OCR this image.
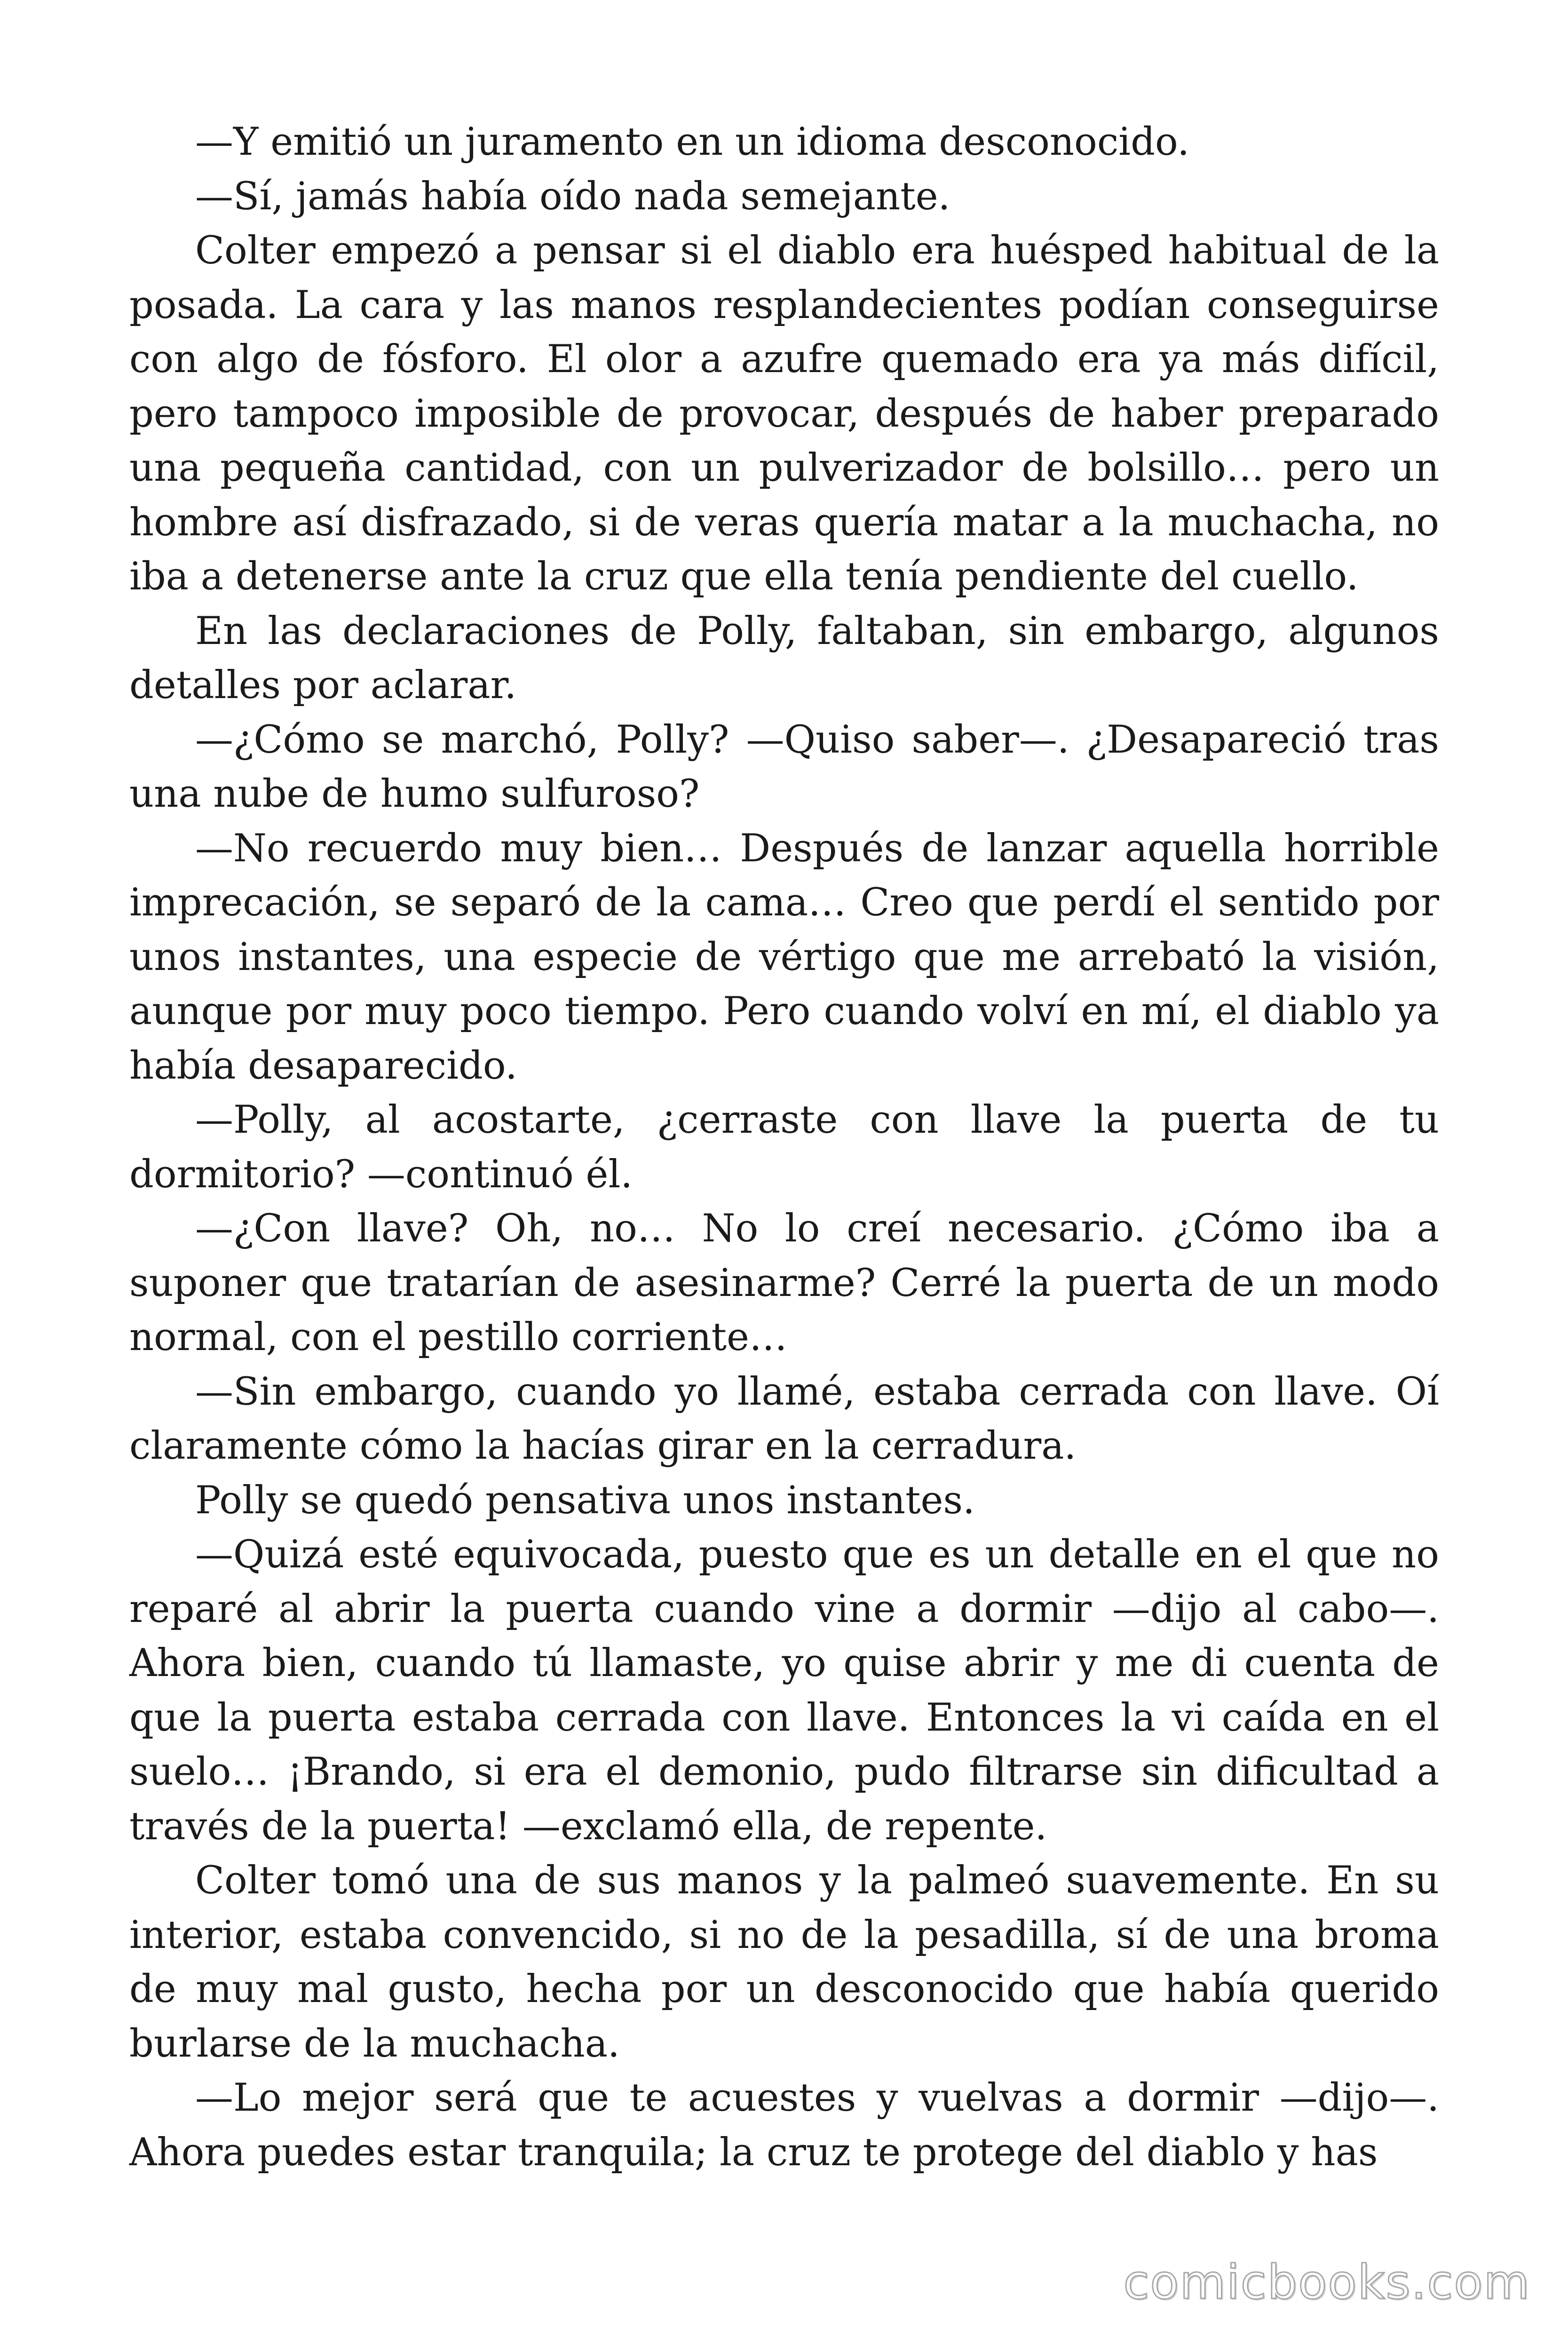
—Y emitió un juramento en un idioma desconocido.

—Sí, jamás había oído nada semejante.

Colter empezó a pensar si el diablo era huésped habitual de la posada. La cara y las manos resplandecientes podían conseguirse con algo de fósforo. El olor a azufre quemado era ya más difícil, pero tampoco imposible de provocar, después de haber preparado una pequeña cantidad, con un pulverizador de bolsillo… pero un hombre así disfrazado, si de veras quería matar a la muchacha, no iba a detenerse ante la cruz que ella tenía pendiente del cuello.

En las declaraciones de Polly, faltaban, sin embargo, algunos detalles por aclarar.

—¿Cómo se marchó, Polly? —Quiso saber—. ¿Desapareció tras una nube de humo sulfuroso?

—No recuerdo muy bien… Después de lanzar aquella horrible imprecación, se separó de la cama… Creo que perdí el sentido por unos instantes, una especie de vértigo que me arrebató la visión, aunque por muy poco tiempo. Pero cuando volví en mí, el diablo ya había desaparecido.

—Polly, al acostarte, ¿cerraste con llave la puerta de tu dormitorio? —continuó él.

—¿Con llave? Oh, no… No lo creí necesario. ¿Cómo iba a suponer que tratarían de asesinarme? Cerré la puerta de un modo normal, con el pestillo corriente…

—Sin embargo, cuando yo llamé, estaba cerrada con llave. Oí claramente cómo la hacías girar en la cerradura.

Polly se quedó pensativa unos instantes.

—Quizá esté equivocada, puesto que es un detalle en el que no reparé al abrir la puerta cuando vine a dormir —dijo al cabo—. Ahora bien, cuando tú llamaste, yo quise abrir y me di cuenta de que la puerta estaba cerrada con llave. Entonces la vi caída en el suelo… ¡Brando, si era el demonio, pudo filtrarse sin dificultad a través de la puerta! —exclamó ella, de repente.

Colter tomó una de sus manos y la palmeó suavemente. En su interior, estaba convencido, si no de la pesadilla, sí de una broma de muy mal gusto, hecha por un desconocido que había querido burlarse de la muchacha.

—Lo mejor será que te acuestes y vuelvas a dormir —dijo—. Ahora puedes estar tranquila; la cruz te protege del diablo y has

comicbooks.com
